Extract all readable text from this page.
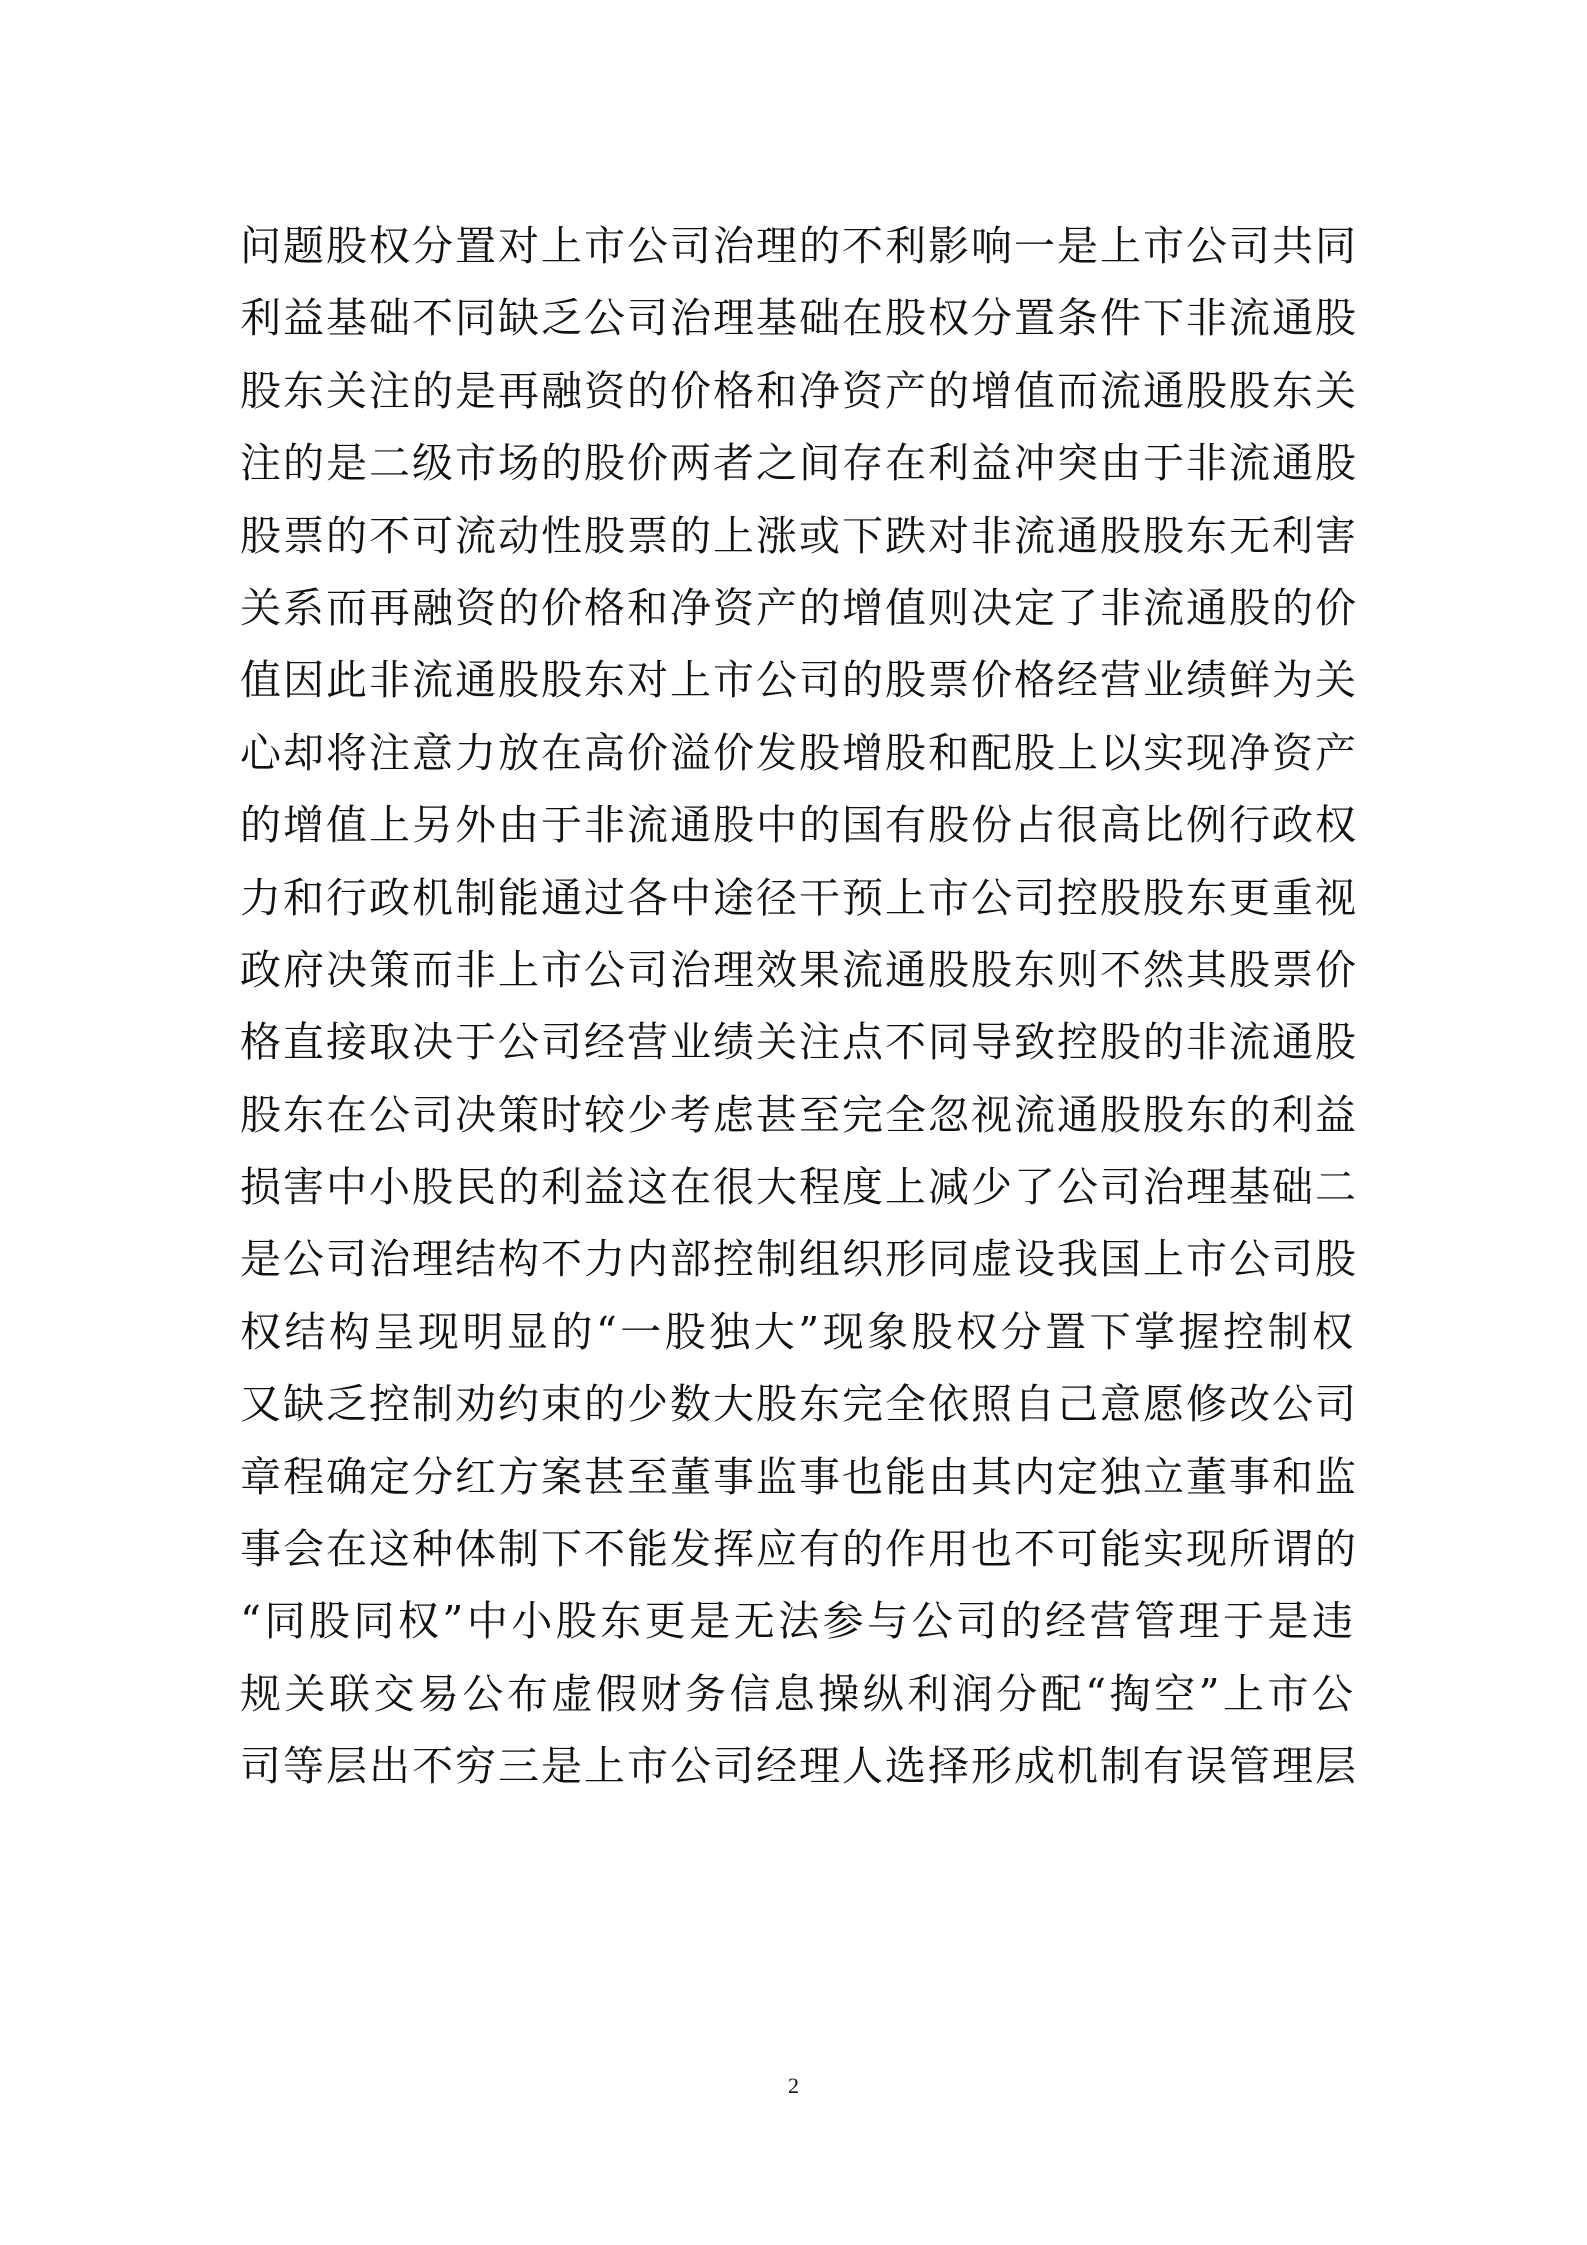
问题股权分置对上市公司治理的不利影响一是上市公司共同
利益基础不同缺乏公司治理基础在股权分置条件下非流通股
股东关注的是再融资的价格和净资产的增值而流通股股东关
注的是二级市场的股价两者之间存在利益冲突由于非流通股
股票的不可流动性股票的上涨或下跌对非流通股股东无利害
关系而再融资的价格和净资产的增值则决定了非流通股的价
值因此非流通股股东对上市公司的股票价格经营业绩鲜为关
心却将注意力放在高价溢价发股增股和配股上以实现净资产
的增值上另外由于非流通股中的国有股份占很高比例行政权
力和行政机制能通过各中途径干预上市公司控股股东更重视
政府决策而非上市公司治理效果流通股股东则不然其股票价
格直接取决于公司经营业绩关注点不同导致控股的非流通股
股东在公司决策时较少考虑甚至完全忽视流通股股东的利益
损害中小股民的利益这在很大程度上减少了公司治理基础二
是公司治理结构不力内部控制组织形同虚设我国上市公司股
权结构呈现明显的“一股独大”现象股权分置下掌握控制权
又缺乏控制劝约束的少数大股东完全依照自己意愿修改公司
章程确定分红方案甚至董事监事也能由其内定独立董事和监
事会在这种体制下不能发挥应有的作用也不可能实现所谓的
“同股同权”中小股东更是无法参与公司的经营管理于是违
规关联交易公布虚假财务信息操纵利润分配“掏空”上市公
司等层出不穷三是上市公司经理人选择形成机制有误管理层
2
